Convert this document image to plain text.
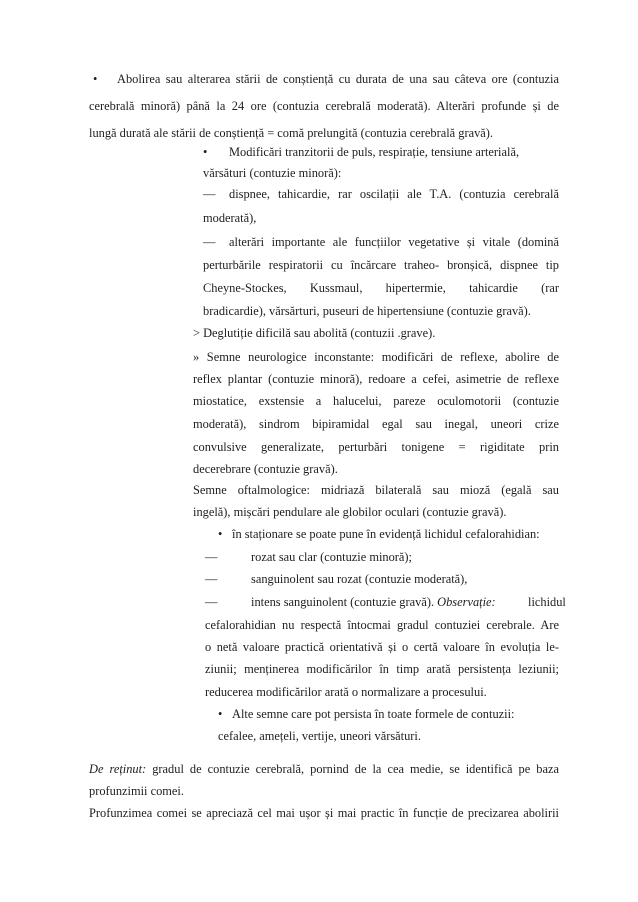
• Abolirea sau alterarea stării de conștiență cu durata de una sau câteva ore (contuzia
cerebrală minoră) până la 24 ore (contuzia cerebrală moderată). Alterări profunde și de
lungă durată ale stării de conștiență = comă prelungită (contuzia cerebrală gravă).
• Modificări tranzitorii de puls, respirație, tensiune arterială,
vărsături (contuzie minoră):
— dispnee, tahicardie, rar oscilații ale T.A. (contuzia cerebrală
moderată),
— alterări importante ale funcțiilor vegetative și vitale (domină
perturbările respiratorii cu încărcare traheo- bronșică, dispnee tip
Cheyne-Stockes, Kussmaul, hipertermie, tahicardie (rar
bradicardie), vărsărturi, puseuri de hipertensiune (contuzie gravă).
> Deglutiție dificilă sau abolită (contuzii .grave).
» Semne neurologice inconstante: modificări de reflexe, abolire de
reflex plantar (contuzie minoră), redoare a cefei, asimetrie de reflexe
miostatice, exstensie a halucelui, pareze oculomotorii (contuzie
moderată), sindrom bipiramidal egal sau inegal, uneori crize
convulsive generalizate, perturbări tonigene = rigiditate prin
decerebrare (contuzie gravă).
Semne oftalmologice: midriază bilaterală sau mioză (egală sau
ingelă), mișcări pendulare ale globilor oculari (contuzie gravă).
• în staționare se poate pune în evidență lichidul cefalorahidian:
—	rozat sau clar (contuzie minoră);
—	sanguinolent sau rozat (contuzie moderată),
—	intens sanguinolent (contuzie gravă). Observație:	lichidul
cefalorahidian nu respectă întocmai gradul contuziei cerebrale. Are
o netă valoare practică orientativă și o certă valoare în evoluția le-
ziunii; menținerea modificărilor în timp arată persistența leziunii;
reducerea modificărilor arată o normalizare a procesului.
• Alte semne care pot persista în toate formele de contuzii:
cefalee, amețeli, vertije, uneori vărsături.
De reținut: gradul de contuzie cerebrală, pornind de la cea medie, se identifică pe baza
profunzimii comei.
Profunzimea comei se apreciază cel mai ușor și mai practic în funcție de precizarea abolirii
